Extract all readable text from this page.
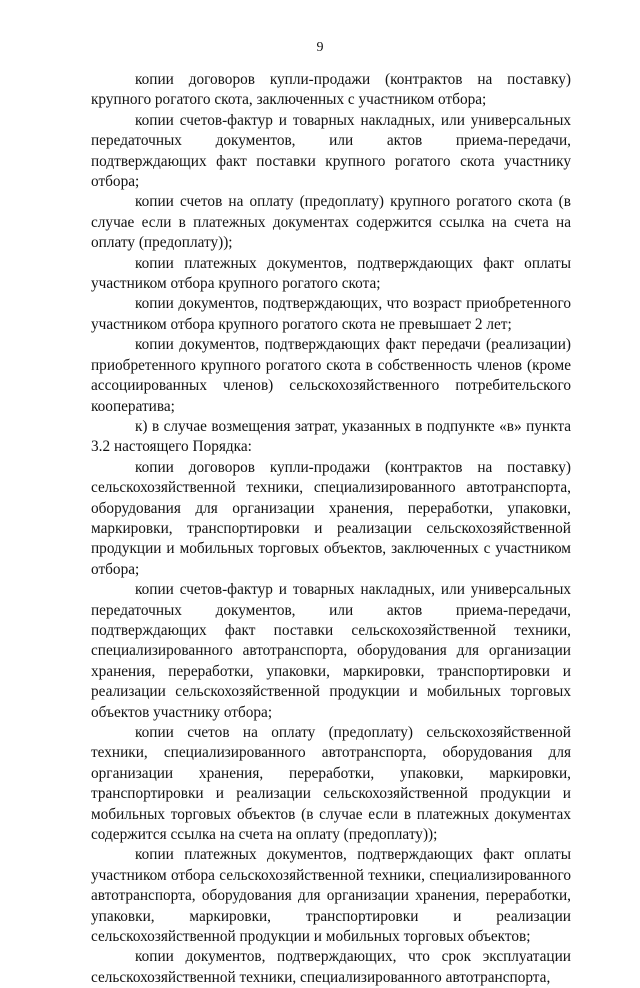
9

копии договоров купли-продажи (контрактов на поставку) крупного рогатого скота, заключенных с участником отбора;

копии счетов-фактур и товарных накладных, или универсальных передаточных документов, или актов приема-передачи, подтверждающих факт поставки крупного рогатого скота участнику отбора;

копии счетов на оплату (предоплату) крупного рогатого скота (в случае если в платежных документах содержится ссылка на счета на оплату (предоплату));

копии платежных документов, подтверждающих факт оплаты участником отбора крупного рогатого скота;

копии документов, подтверждающих, что возраст приобретенного участником отбора крупного рогатого скота не превышает 2 лет;

копии документов, подтверждающих факт передачи (реализации) приобретенного крупного рогатого скота в собственность членов (кроме ассоциированных членов) сельскохозяйственного потребительского кооператива;

к) в случае возмещения затрат, указанных в подпункте «в» пункта 3.2 настоящего Порядка:

копии договоров купли-продажи (контрактов на поставку) сельскохозяйственной техники, специализированного автотранспорта, оборудования для организации хранения, переработки, упаковки, маркировки, транспортировки и реализации сельскохозяйственной продукции и мобильных торговых объектов, заключенных с участником отбора;

копии счетов-фактур и товарных накладных, или универсальных передаточных документов, или актов приема-передачи, подтверждающих факт поставки сельскохозяйственной техники, специализированного автотранспорта, оборудования для организации хранения, переработки, упаковки, маркировки, транспортировки и реализации сельскохозяйственной продукции и мобильных торговых объектов участнику отбора;

копии счетов на оплату (предоплату) сельскохозяйственной техники, специализированного автотранспорта, оборудования для организации хранения, переработки, упаковки, маркировки, транспортировки и реализации сельскохозяйственной продукции и мобильных торговых объектов (в случае если в платежных документах содержится ссылка на счета на оплату (предоплату));

копии платежных документов, подтверждающих факт оплаты участником отбора сельскохозяйственной техники, специализированного автотранспорта, оборудования для организации хранения, переработки, упаковки, маркировки, транспортировки и реализации сельскохозяйственной продукции и мобильных торговых объектов;

копии документов, подтверждающих, что срок эксплуатации сельскохозяйственной техники, специализированного автотранспорта,
